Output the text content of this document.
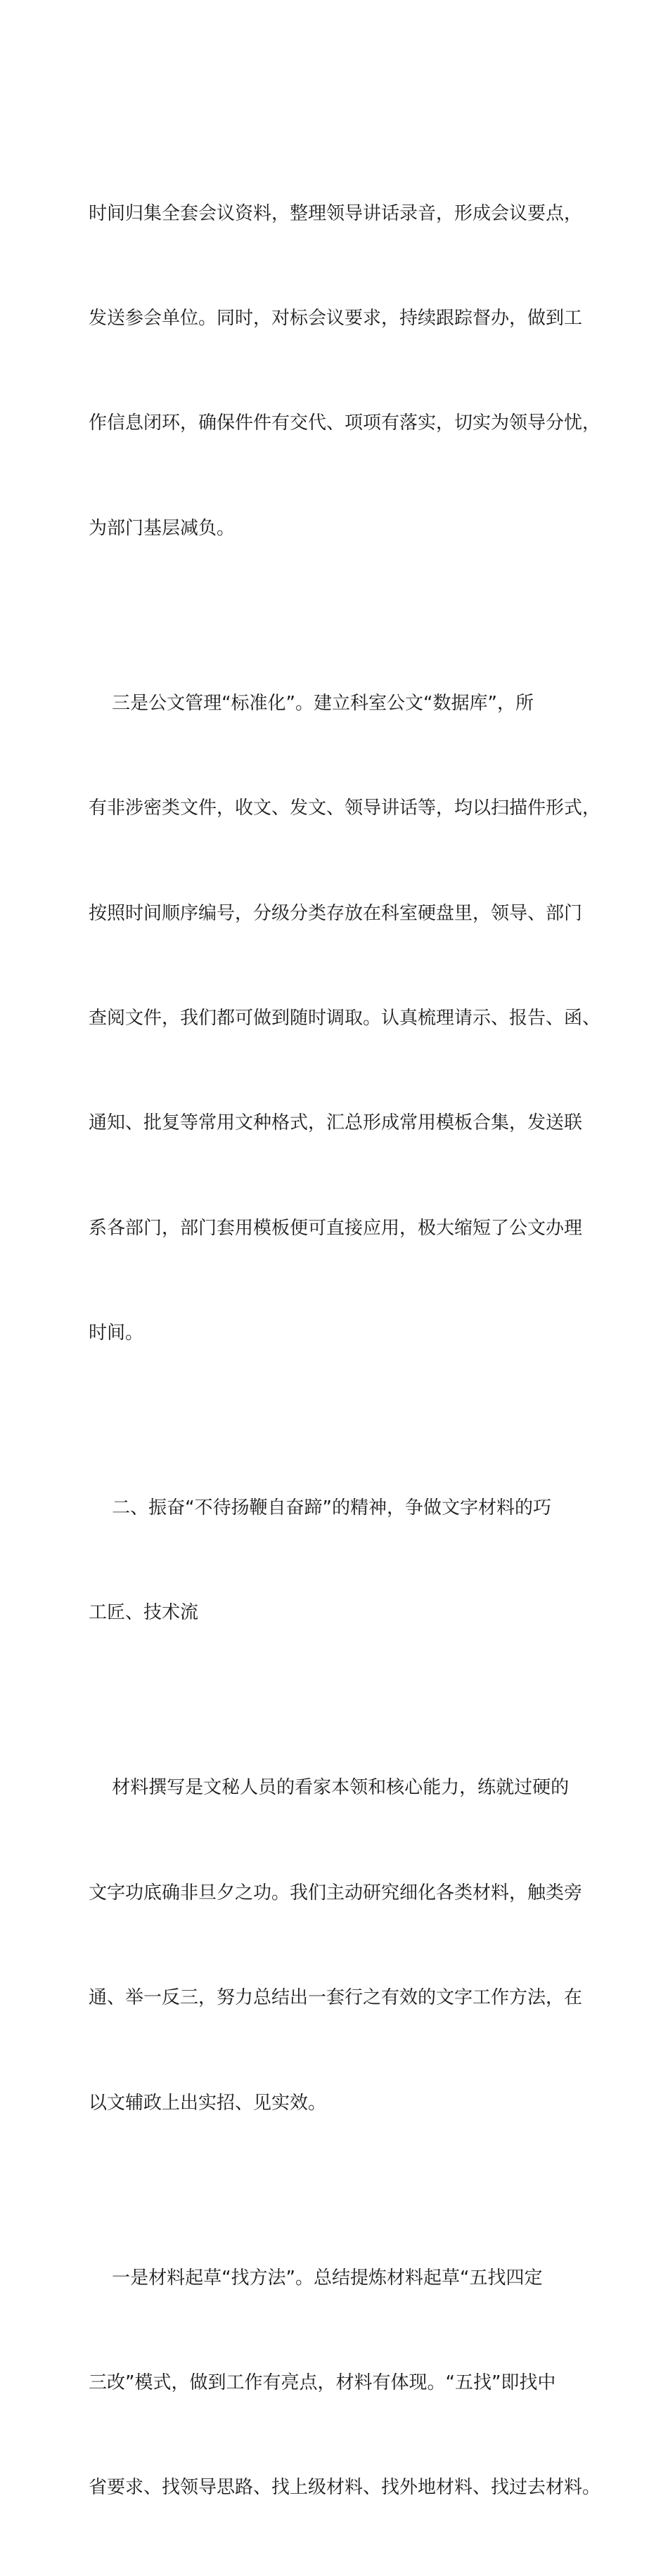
时间归集全套会议资料，整理领导讲话录音，形成会议要点，

发送参会单位。同时，对标会议要求，持续跟踪督办，做到工

作信息闭环，确保件件有交代、项项有落实，切实为领导分忧，

为部门基层减负。

三是公文管理“标准化”。建立科室公文“数据库”，所

有非涉密类文件，收文、发文、领导讲话等，均以扫描件形式，

按照时间顺序编号，分级分类存放在科室硬盘里，领导、部门

查阅文件，我们都可做到随时调取。认真梳理请示、报告、函、

通知、批复等常用文种格式，汇总形成常用模板合集，发送联

系各部门，部门套用模板便可直接应用，极大缩短了公文办理

时间。

二、振奋“不待扬鞭自奋蹄”的精神，争做文字材料的巧

工匠、技术流

材料撰写是文秘人员的看家本领和核心能力，练就过硬的

文字功底确非旦夕之功。我们主动研究细化各类材料，触类旁

通、举一反三，努力总结出一套行之有效的文字工作方法，在

以文辅政上出实招、见实效。

一是材料起草“找方法”。总结提炼材料起草“五找四定

三改”模式，做到工作有亮点，材料有体现。“五找”即找中

省要求、找领导思路、找上级材料、找外地材料、找过去材料。
